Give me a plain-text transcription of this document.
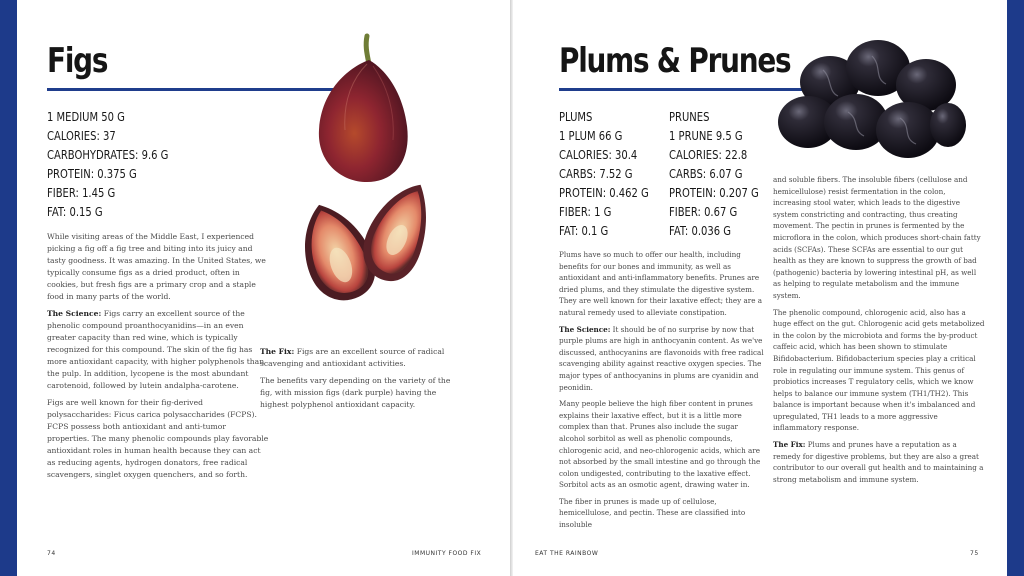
Figs
1 MEDIUM 50 G
CALORIES: 37
CARBOHYDRATES: 9.6 G
PROTEIN: 0.375 G
FIBER: 1.45 G
FAT: 0.15 G

While visiting areas of the Middle East, I experienced picking a fig off a fig tree and biting into its juicy and tasty goodness. It was amazing. In the United States, we typically consume figs as a dried product, often in cookies, but fresh figs are a primary crop and a staple food in many parts of the world.

The Science: Figs carry an excellent source of the phenolic compound proanthocyanidins—in an even greater capacity than red wine, which is typically recognized for this compound. The skin of the fig has more antioxidant capacity, with higher polyphenols than the pulp. In addition, lycopene is the most abundant carotenoid, followed by lutein andalpha-carotene.

Figs are well known for their fig-derived polysaccharides: Ficus carica polysaccharides (FCPS). FCPS possess both antioxidant and anti-tumor properties. The many phenolic compounds play favorable antioxidant roles in human health because they can act as reducing agents, hydrogen donators, free radical scavengers, singlet oxygen quenchers, and so forth.

The Fix: Figs are an excellent source of radical scavenging and antioxidant activities.

The benefits vary depending on the variety of the fig, with mission figs (dark purple) having the highest polyphenol antioxidant capacity.

74	IMMUNITY FOOD FIX
Plums & Prunes
PLUMS
1 PLUM 66 G
CALORIES: 30.4
CARBS: 7.52 G
PROTEIN: 0.462 G
FIBER: 1 G
FAT: 0.1 G
PRUNES
1 PRUNE 9.5 G
CALORIES: 22.8
CARBS: 6.07 G
PROTEIN: 0.207 G
FIBER: 0.67 G
FAT: 0.036 G

Plums have so much to offer our health, including benefits for our bones and immunity, as well as antioxidant and anti-inflammatory benefits. Prunes are dried plums, and they stimulate the digestive system. They are well known for their laxative effect; they are a natural remedy used to alleviate constipation.

The Science: It should be of no surprise by now that purple plums are high in anthocyanin content. As we've discussed, anthocyanins are flavonoids with free radical scavenging ability against reactive oxygen species. The major types of anthocyanins in plums are cyanidin and peonidin.

Many people believe the high fiber content in prunes explains their laxative effect, but it is a little more complex than that. Prunes also include the sugar alcohol sorbitol as well as phenolic compounds, chlorogenic acid, and neo-chlorogenic acids, which are not absorbed by the small intestine and go through the colon undigested, contributing to the laxative effect. Sorbitol acts as an osmotic agent, drawing water in.

The fiber in prunes is made up of cellulose, hemicellulose, and pectin. These are classified into insoluble

and soluble fibers. The insoluble fibers (cellulose and hemicellulose) resist fermentation in the colon, increasing stool water, which leads to the digestive system constricting and contracting, thus creating movement. The pectin in prunes is fermented by the microflora in the colon, which produces short-chain fatty acids (SCFAs). These SCFAs are essential to our gut health as they are known to suppress the growth of bad (pathogenic) bacteria by lowering intestinal pH, as well as helping to regulate metabolism and the immune system.

The phenolic compound, chlorogenic acid, also has a huge effect on the gut. Chlorogenic acid gets metabolized in the colon by the microbiota and forms the by-product caffeic acid, which has been shown to stimulate Bifidobacterium. Bifidobacterium species play a critical role in regulating our immune system. This genus of probiotics increases T regulatory cells, which we know helps to balance our immune system (TH1/TH2). This balance is important because when it's imbalanced and upregulated, TH1 leads to a more aggressive inflammatory response.

The Fix: Plums and prunes have a reputation as a remedy for digestive problems, but they are also a great contributor to our overall gut health and to maintaining a strong metabolism and immune system.

EAT THE RAINBOW	75
